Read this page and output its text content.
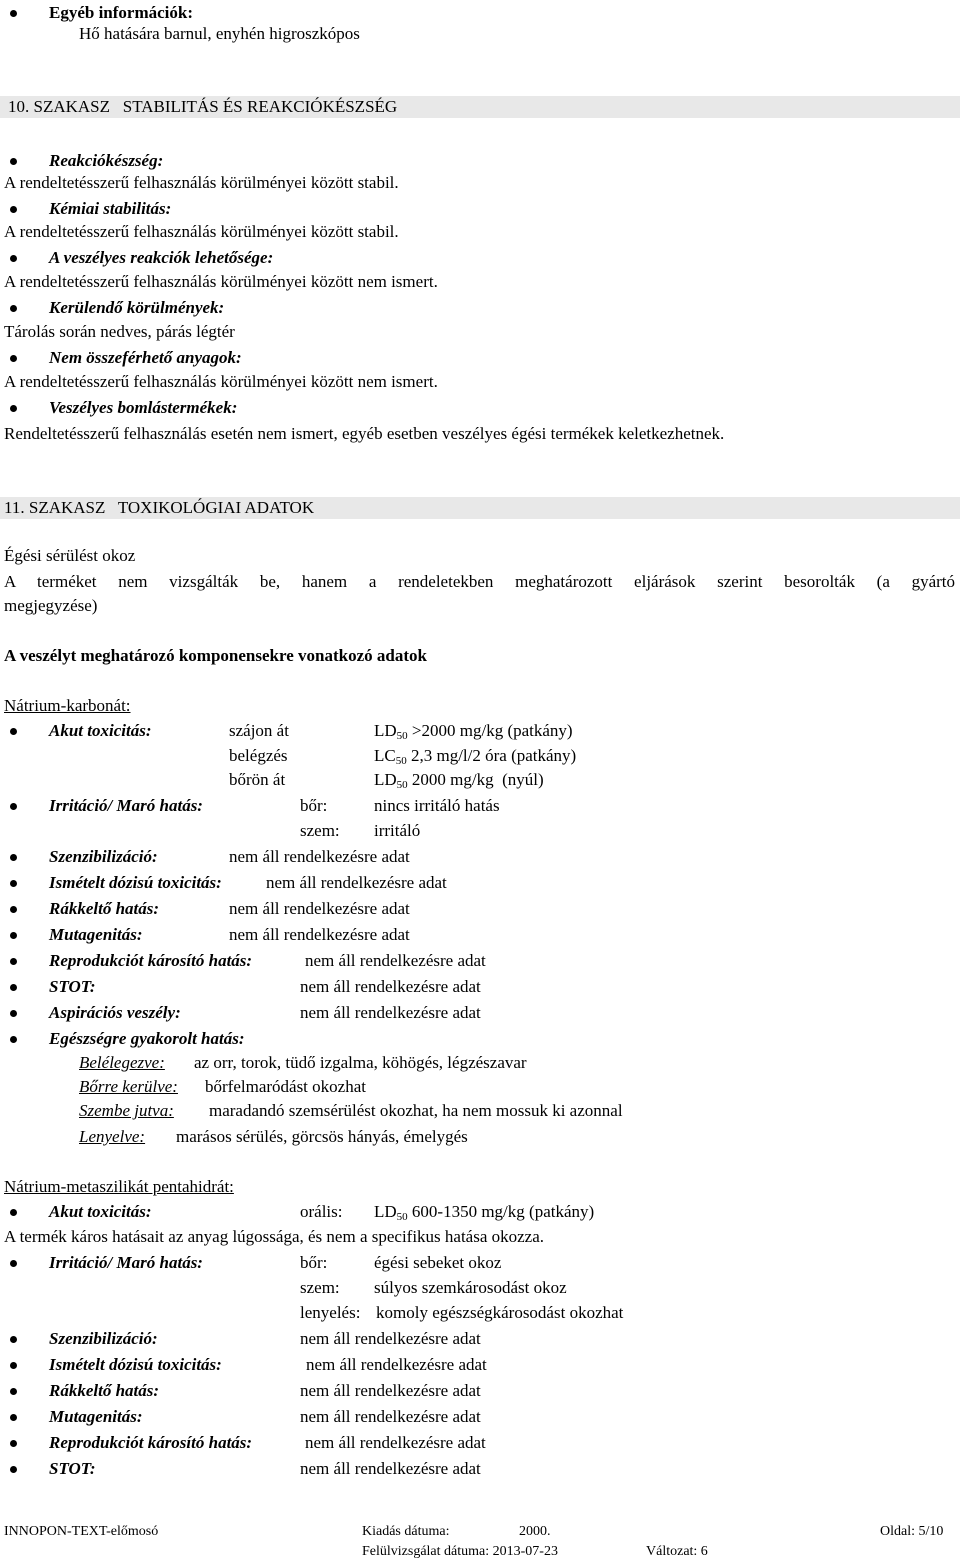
Egyéb információk:
Hő hatására barnul, enyhén higroszkópos
10. SZAKASZ   STABILITÁS ÉS REAKCIÓKÉSZSÉG
Reakciókészség:
A rendeltetésszerű felhasználás körülményei között stabil.
Kémiai stabilitás:
A rendeltetésszerű felhasználás körülményei között stabil.
A veszélyes reakciók lehetősége:
A rendeltetésszerű felhasználás körülményei között nem ismert.
Kerülendő körülmények:
Tárolás során nedves, párás légtér
Nem összeférhető anyagok:
A rendeltetésszerű felhasználás körülményei között nem ismert.
Veszélyes bomlástermékek:
Rendeltetésszerű felhasználás esetén nem ismert, egyéb esetben veszélyes égési termékek keletkezhetnek.
11. SZAKASZ   TOXIKOLÓGIAI ADATOK
Égési sérülést okoz
A terméket nem vizsgálták be, hanem a rendeletekben meghatározott eljárások szerint besorolták (a gyártó
megjegyzése)
A veszélyt meghatározó komponensekre vonatkozó adatok
Nátrium-karbonát:
Akut toxicitás:	szájon át	$LD_{50} >2000$ mg/kg (patkány)
belégzés	$LC_{50}$ 2,3 mg/l/2 óra (patkány)
bőrön át	$LD_{50}$ 2000 mg/kg  (nyúl)
Irritáció/ Maró hatás:	bőr:	nincs irritáló hatás
szem: irritáló
Szenzibilizáció:	nem áll rendelkezésre adat
Ismételt dózisú toxicitás:	nem áll rendelkezésre adat
Rákkeltő hatás:	nem áll rendelkezésre adat
Mutagenitás:	nem áll rendelkezésre adat
Reprodukciót károsító hatás:	nem áll rendelkezésre adat
STOT:	nem áll rendelkezésre adat
Aspirációs veszély:	nem áll rendelkezésre adat
Egészségre gyakorolt hatás:
Belélegezve: az orr, torok, tüdő izgalma, köhögés, légzészavar
Bőrre kerülve: bőrfelmaródást okozhat
Szembe jutva: maradandó szemsérülést okozhat, ha nem mossuk ki azonnal
Lenyelve: marásos sérülés, görcsös hányás, émelygés
Nátrium-metaszilikát pentahidrát:
Akut toxicitás:	orális: $LD_{50}$ 600-1350 mg/kg (patkány)
A termék káros hatásait az anyag lúgossága, és nem a specifikus hatása okozza.
Irritáció/ Maró hatás:	bőr:	égési sebeket okoz
szem: súlyos szemkárosodást okoz
lenyelés: komoly egészségkárosodást okozhat
Szenzibilizáció:	nem áll rendelkezésre adat
Ismételt dózisú toxicitás:	nem áll rendelkezésre adat
Rákkeltő hatás:	nem áll rendelkezésre adat
Mutagenitás:	nem áll rendelkezésre adat
Reprodukciót károsító hatás:	nem áll rendelkezésre adat
STOT:	nem áll rendelkezésre adat
INNOPON-TEXT-előmosó	Kiadás dátuma:	2000.	Oldal: 5/10
Felülvizsgálat dátuma: 2013-07-23	Változat: 6
